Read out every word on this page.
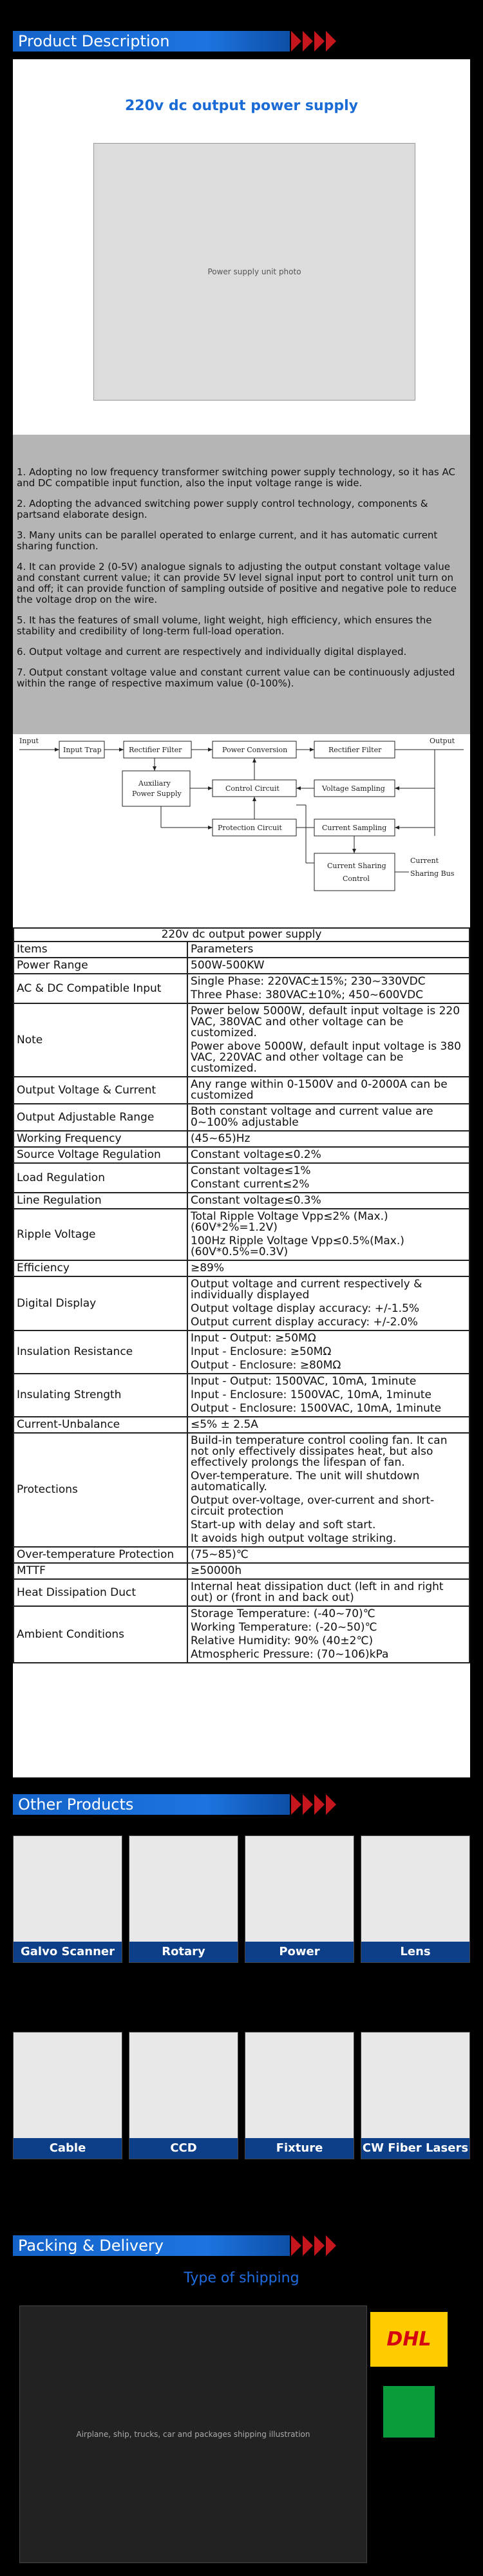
Product Description
220v dc output power supply
Power supply unit photo

1. Adopting no low frequency transformer switching power supply technology, so it has AC and DC compatible input function, also the input voltage range is wide.

2. Adopting the advanced switching power supply control technology, components & partsand elaborate design.

3. Many units can be parallel operated to enlarge current, and it has automatic current sharing function.

4. It can provide 2 (0-5V) analogue signals to adjusting the output constant voltage value and constant current value; it can provide 5V level signal input port to control unit turn on and off; it can provide function of sampling outside of positive and negative pole to reduce the voltage drop on the wire.

5. It has the features of small volume, light weight, high efficiency, which ensures the stability and credibility of long-term full-load operation.

6. Output voltage and current are respectively and individually digital displayed.

7. Output constant voltage value and constant current value can be continuously adjusted within the range of respective maximum value (0-100%).

Input
Input Trap	Rectifier Filter	Power Conversion	Rectifier Filter
Output
Auxiliary
Power Supply
Control Circuit	Voltage Sampling
Protection Circuit	Current Sampling
Current Sharing
Control
Current
Sharing Bus
220v dc output power supply	
Items	Parameters

Power Range	500W-500KW

AC & DC Compatible Input	Single Phase: 220VAC±15%; 230~330VDC
Three Phase: 380VAC±10%; 450~600VDC

Note	Power below 5000W, default input voltage is 220 VAC, 380VAC and other voltage can be customized.
Power above 5000W, default input voltage is 380 VAC, 220VAC and other voltage can be customized.

Output Voltage & Current	Any range within 0-1500V and 0-2000A can be customized

Output Adjustable Range	Both constant voltage and current value are 0~100% adjustable

Working Frequency	(45~65)Hz

Source Voltage Regulation	Constant voltage≤0.2%

Load Regulation	Constant voltage≤1%
Constant current≤2%

Line Regulation	Constant voltage≤0.3%

Ripple Voltage	Total Ripple Voltage Vpp≤2% (Max.) (60V*2%=1.2V)
100Hz Ripple Voltage Vpp≤0.5%(Max.) (60V*0.5%=0.3V)

Efficiency	≥89%

Digital Display	Output voltage and current respectively & individually displayed
Output voltage display accuracy: +/-1.5%
Output current display accuracy: +/-2.0%

Insulation Resistance	Input - Output: ≥50MΩ
Input - Enclosure: ≥50MΩ
Output - Enclosure: ≥80MΩ

Insulating Strength	Input - Output: 1500VAC, 10mA, 1minute
Input - Enclosure: 1500VAC, 10mA, 1minute
Output - Enclosure: 1500VAC, 10mA, 1minute

Current-Unbalance	≤5% ± 2.5A

Protections	Build-in temperature control cooling fan. It can not only effectively dissipates heat, but also effectively prolongs the lifespan of fan.
Over-temperature. The unit will shutdown automatically.
Output over-voltage, over-current and short-circuit protection
Start-up with delay and soft start.
It avoids high output voltage striking.

Over-temperature Protection	(75~85)℃

MTTF	≥50000h

Heat Dissipation Duct	Internal heat dissipation duct (left in and right out) or (front in and back out)

Ambient Conditions	Storage Temperature: (-40~70)℃
Working Temperature: (-20~50)℃
Relative Humidity: 90% (40±2℃)
Atmospheric Pressure: (70~106)kPa
Other Products
Galvo Scanner	Rotary	Power	Lens
Cable	CCD	Fixture	CW Fiber Lasers
Packing & Delivery
Type of shipping
Airplane, ship, trucks, car and packages shipping illustration
DHL
